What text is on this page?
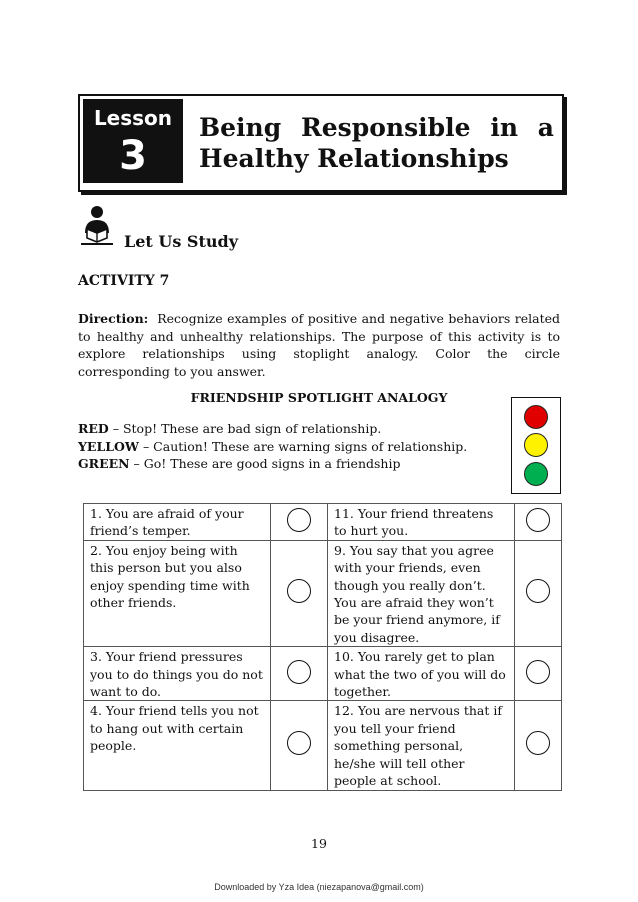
Lesson
3
Being Responsible in a
Healthy Relationships
Let Us Study
ACTIVITY 7
Direction: Recognize examples of positive and negative behaviors related to healthy and unhealthy relationships. The purpose of this activity is to explore relationships using stoplight analogy. Color the circle corresponding to you answer.
FRIENDSHIP SPOTLIGHT ANALOGY
RED – Stop! These are bad sign of relationship.
YELLOW – Caution! These are warning signs of relationship.
GREEN – Go! These are good signs in a friendship
1. You are afraid of your friend’s temper.		11. Your friend threatens to hurt you.	
2. You enjoy being with this person but you also enjoy spending time with other friends.		9. You say that you agree with your friends, even though you really don’t. You are afraid they won’t be your friend anymore, if you disagree.	
3. Your friend pressures you to do things you do not want to do.		10. You rarely get to plan what the two of you will do together.	
4. Your friend tells you not to hang out with certain people.		12. You are nervous that if you tell your friend something personal, he/she will tell other people at school.	
19
Downloaded by Yza Idea (niezapanova@gmail.com)
